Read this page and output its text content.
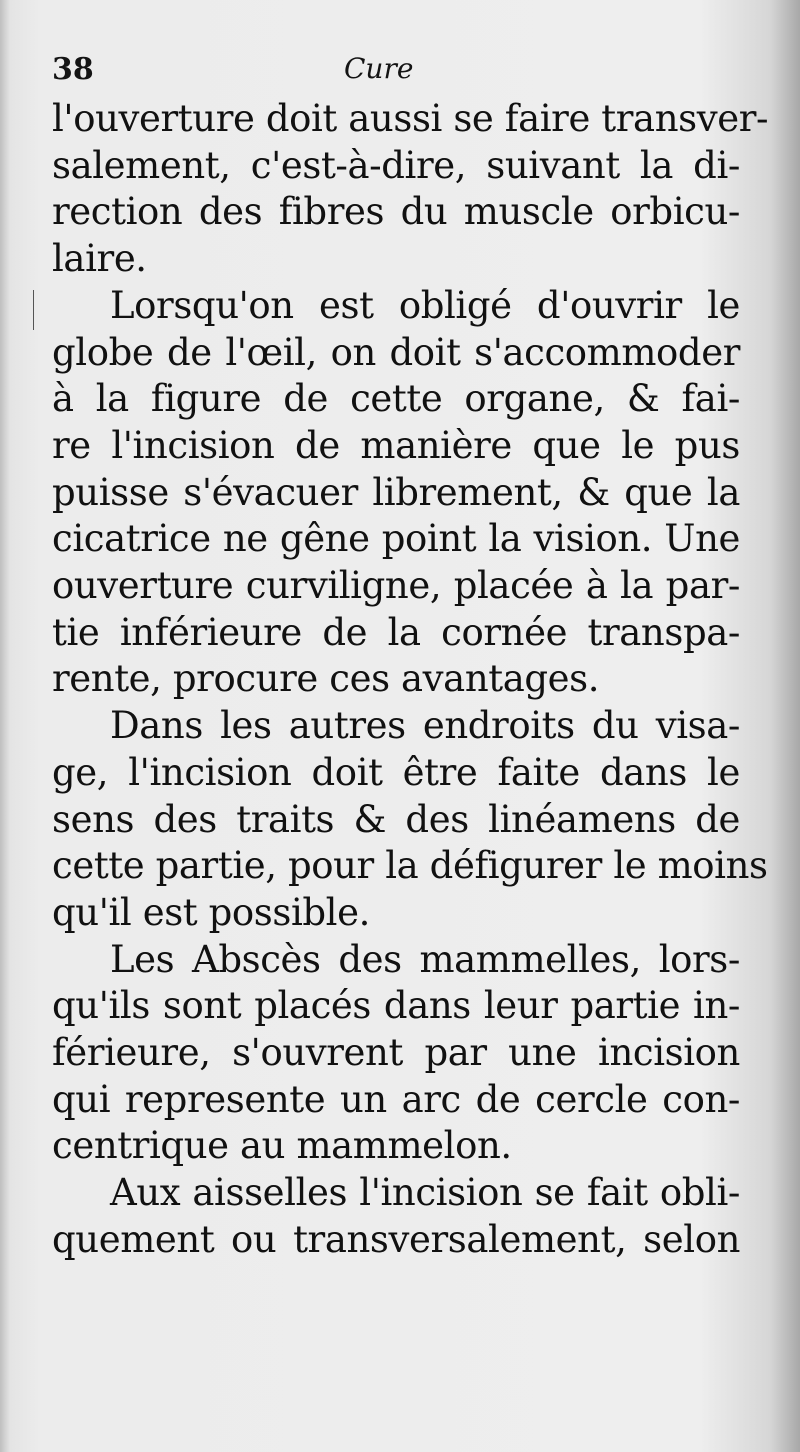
38	Cure
l'ouverture doit aussi se faire transver-
salement, c'est-à-dire, suivant la di-
rection des fibres du muscle orbicu-
laire.
Lorsqu'on est obligé d'ouvrir le
globe de l'œil, on doit s'accommoder
à la figure de cette organe, & fai-
re l'incision de manière que le pus
puisse s'évacuer librement, & que la
cicatrice ne gêne point la vision. Une
ouverture curviligne, placée à la par-
tie inférieure de la cornée transpa-
rente, procure ces avantages.
Dans les autres endroits du visa-
ge, l'incision doit être faite dans le
sens des traits & des linéamens de
cette partie, pour la défigurer le moins
qu'il est possible.
Les Abscès des mammelles, lors-
qu'ils sont placés dans leur partie in-
férieure, s'ouvrent par une incision
qui represente un arc de cercle con-
centrique au mammelon.
Aux aisselles l'incision se fait obli-
quement ou transversalement, selon
